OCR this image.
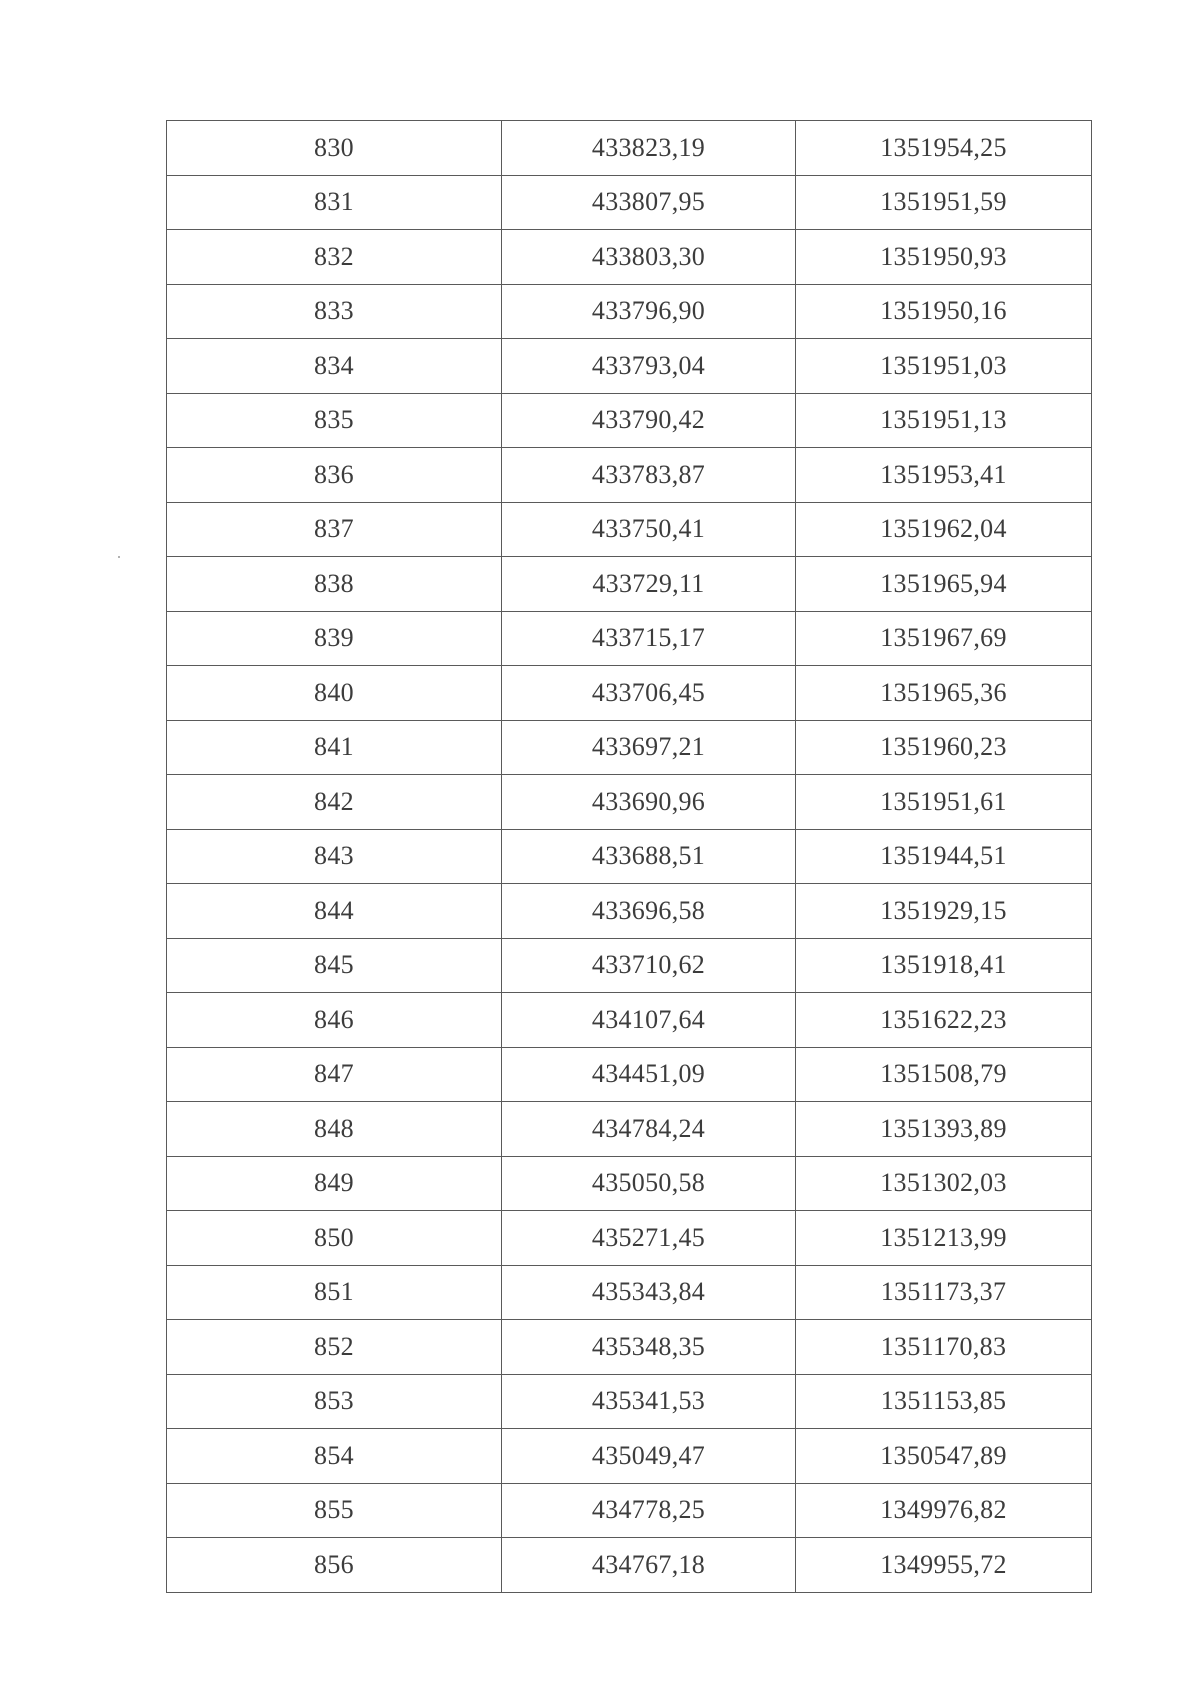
830	433823,19	1351954,25
831	433807,95	1351951,59
832	433803,30	1351950,93
833	433796,90	1351950,16
834	433793,04	1351951,03
835	433790,42	1351951,13
836	433783,87	1351953,41
837	433750,41	1351962,04
838	433729,11	1351965,94
839	433715,17	1351967,69
840	433706,45	1351965,36
841	433697,21	1351960,23
842	433690,96	1351951,61
843	433688,51	1351944,51
844	433696,58	1351929,15
845	433710,62	1351918,41
846	434107,64	1351622,23
847	434451,09	1351508,79
848	434784,24	1351393,89
849	435050,58	1351302,03
850	435271,45	1351213,99
851	435343,84	1351173,37
852	435348,35	1351170,83
853	435341,53	1351153,85
854	435049,47	1350547,89
855	434778,25	1349976,82
856	434767,18	1349955,72
